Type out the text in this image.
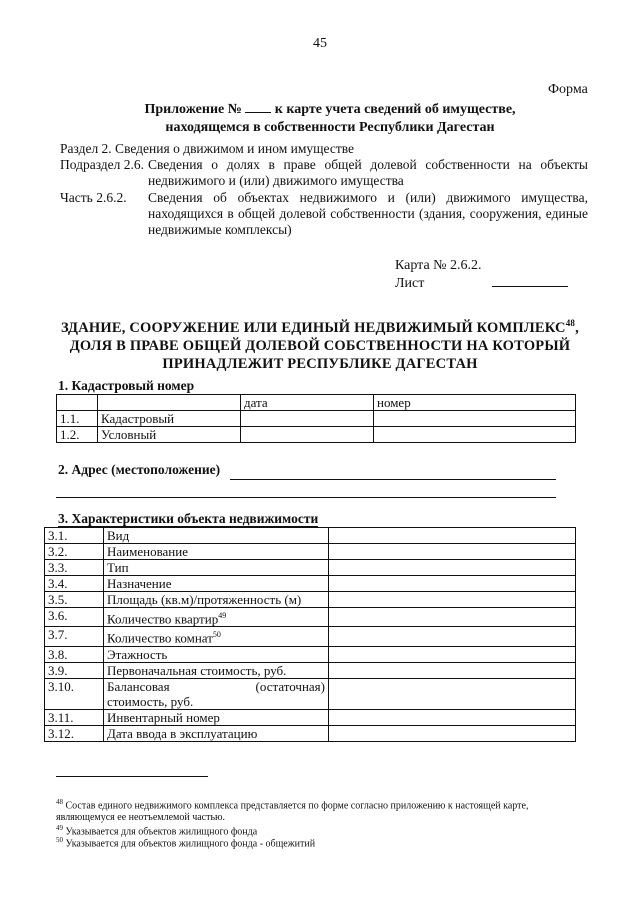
45
Форма
Приложение № к карте учета сведений об имуществе,
находящемся в собственности Республики Дагестан
Раздел 2. Сведения о движимом и ином имуществе
Подраздел 2.6. Сведения о долях в праве общей долевой собственности на объекты недвижимого и (или) движимого имущества
Часть 2.6.2. Сведения об объектах недвижимого и (или) движимого имущества, находящихся в общей долевой собственности (здания, сооружения, единые недвижимые комплексы)
Карта № 2.6.2.
Лист
ЗДАНИЕ, СООРУЖЕНИЕ ИЛИ ЕДИНЫЙ НЕДВИЖИМЫЙ КОМПЛЕКС$^{48}$,
ДОЛЯ В ПРАВЕ ОБЩЕЙ ДОЛЕВОЙ СОБСТВЕННОСТИ НА КОТОРЫЙ
ПРИНАДЛЕЖИТ РЕСПУБЛИКЕ ДАГЕСТАН
1. Кадастровый номер
		дата	номер
1.1.	Кадастровый		
1.2.	Условный		
2. Адрес (местоположение)
3. Характеристики объекта недвижимости
3.1.	Вид	
3.2.	Наименование	
3.3.	Тип	
3.4.	Назначение	
3.5.	Площадь (кв.м)/протяженность (м)	
3.6.	Количество квартир$^{49}$	
3.7.	Количество комнат$^{50}$	
3.8.	Этажность	
3.9.	Первоначальная стоимость, руб.	
3.10.	Балансовая (остаточная)
стоимость, руб.	

3.11.	Инвентарный номер	
3.12.	Дата ввода в эксплуатацию	
$^{48}$ Состав единого недвижимого комплекса представляется по форме согласно приложению к настоящей карте, являющемуся ее неотъемлемой частью.
$^{49}$ Указывается для объектов жилищного фонда
$^{50}$ Указывается для объектов жилищного фонда - общежитий
